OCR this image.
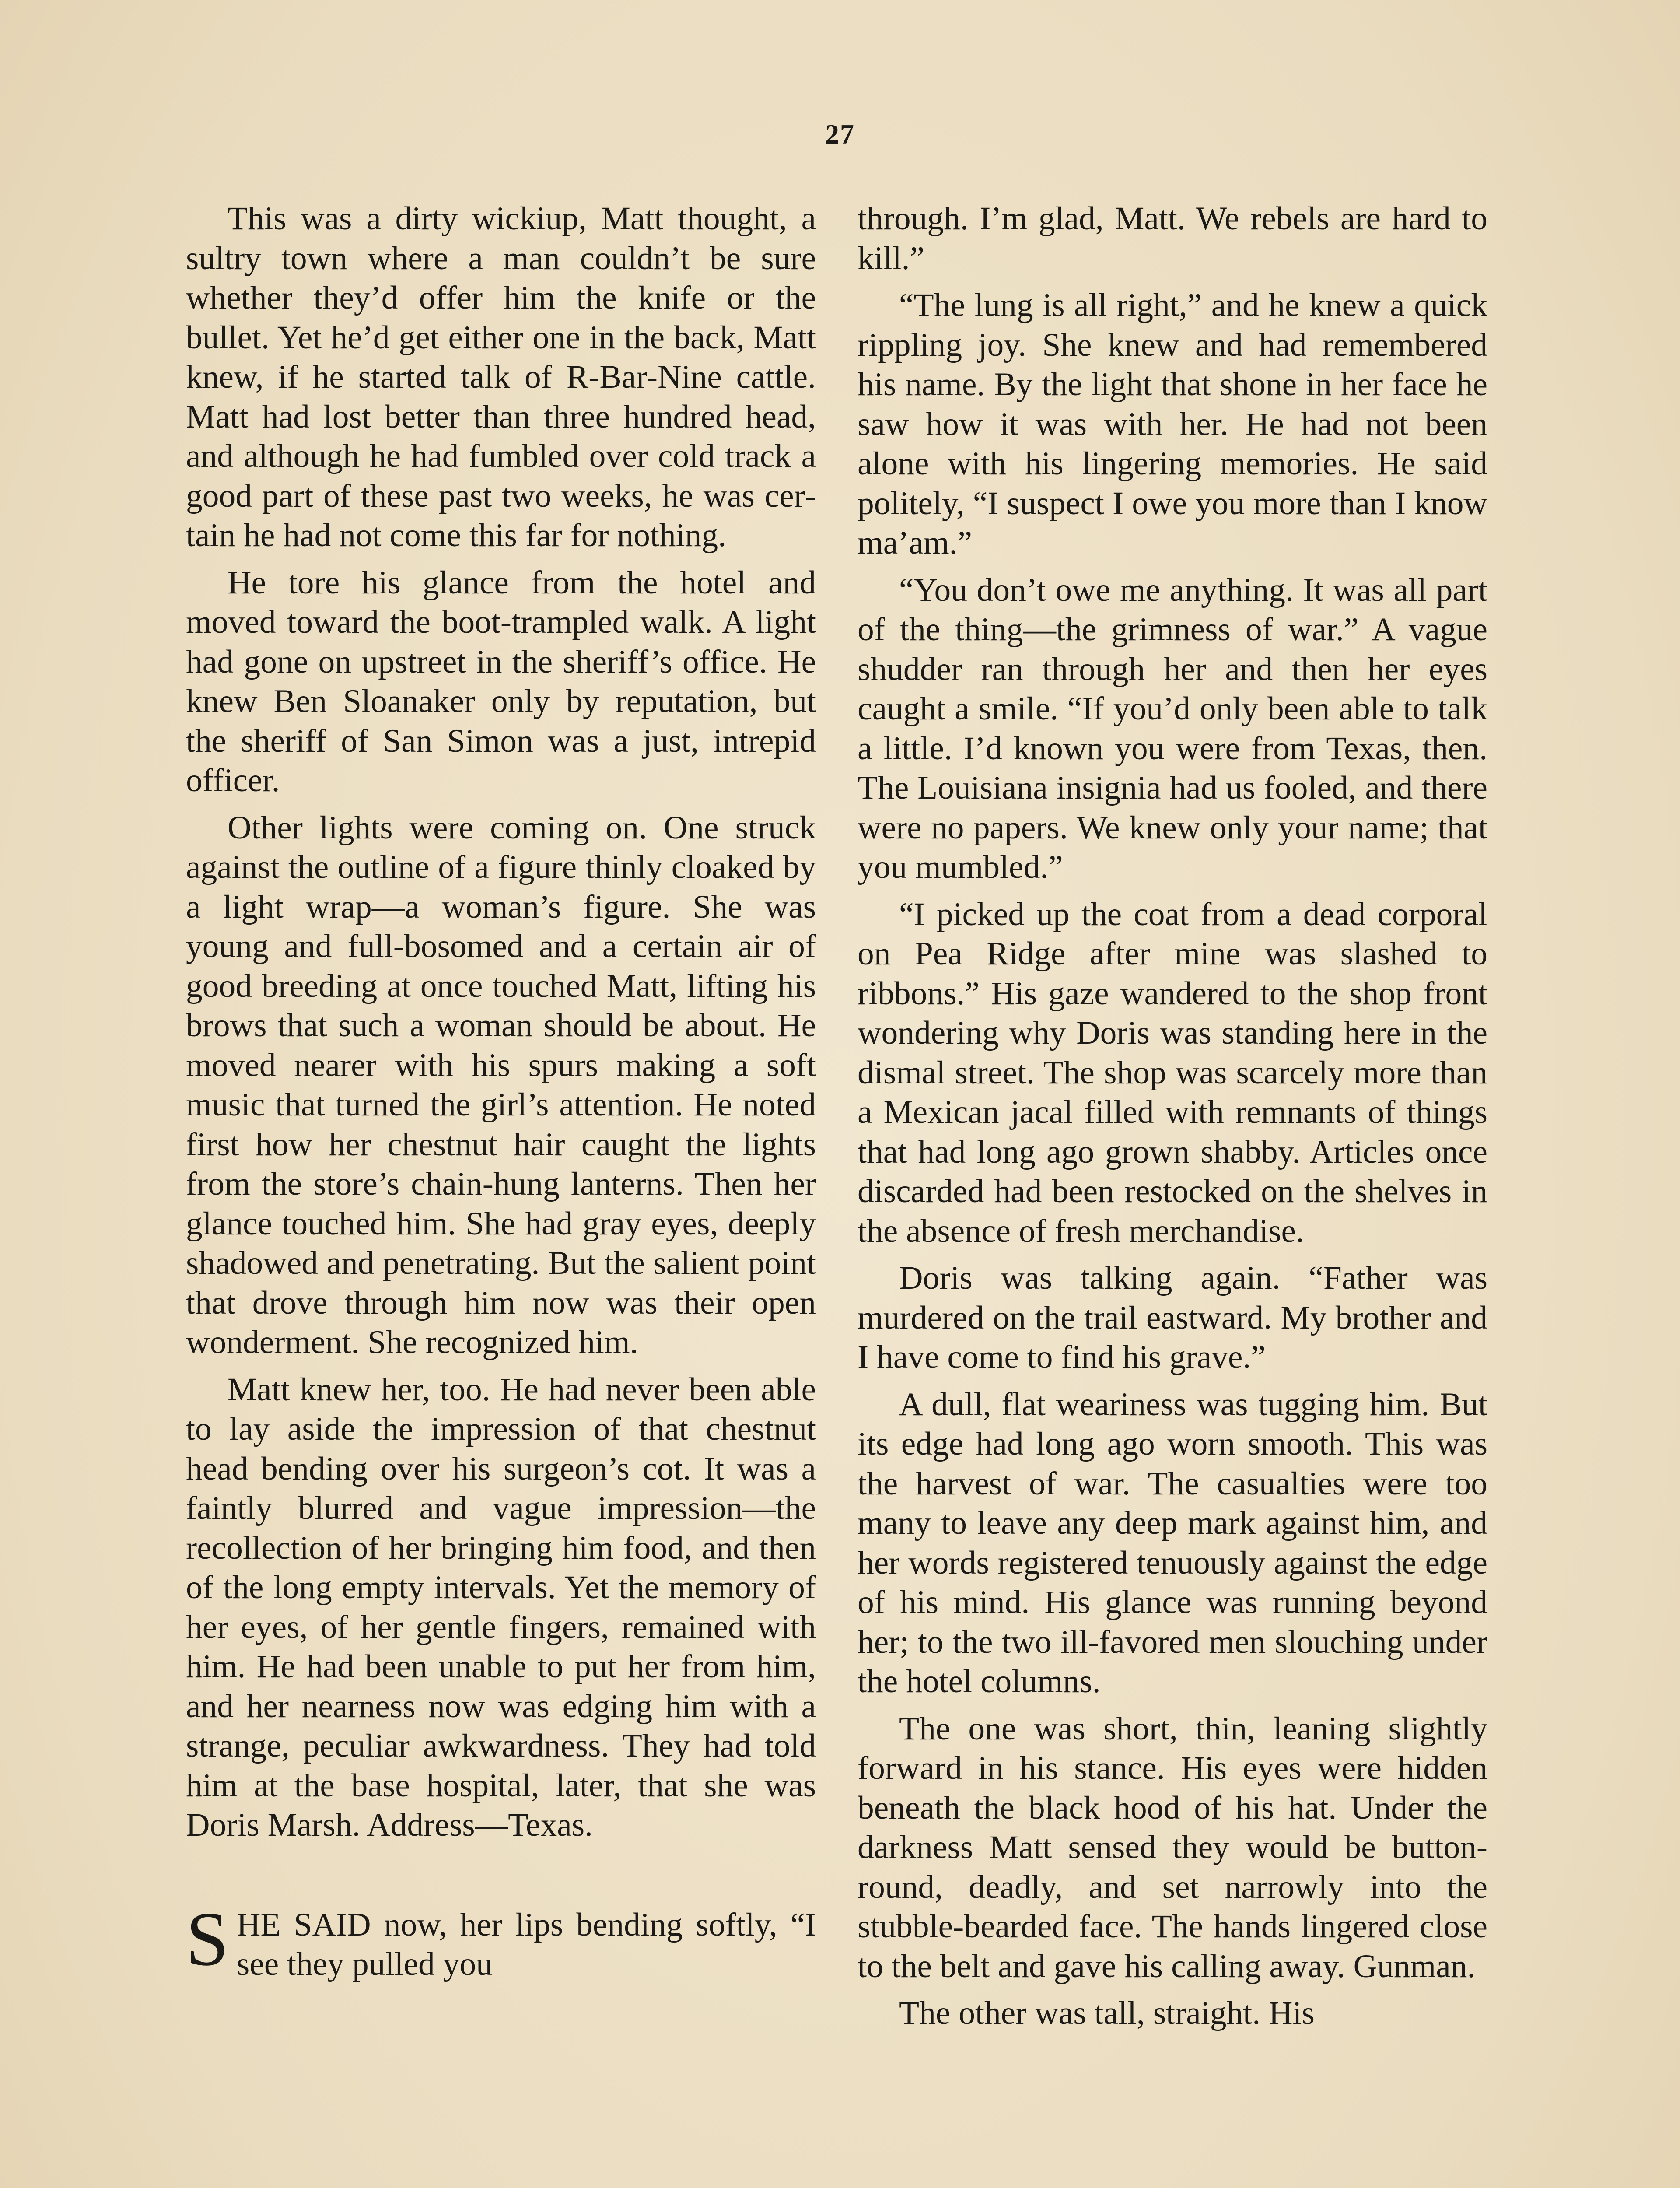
27

This was a dirty wickiup, Matt thought, a sultry town where a man couldn’t be sure whether they’d offer him the knife or the bullet. Yet he’d get either one in the back, Matt knew, if he started talk of R-Bar-Nine cattle. Matt had lost better than three hundred head, and although he had fumbled over cold track a good part of these past two weeks, he was certain he had not come this far for nothing.

He tore his glance from the hotel and moved toward the boot-trampled walk. A light had gone on upstreet in the sheriff’s office. He knew Ben Sloanaker only by reputation, but the sheriff of San Simon was a just, intrepid officer.

Other lights were coming on. One struck against the outline of a figure thinly cloaked by a light wrap—a woman’s figure. She was young and full-bosomed and a certain air of good breeding at once touched Matt, lifting his brows that such a woman should be about. He moved nearer with his spurs making a soft music that turned the girl’s attention. He noted first how her chestnut hair caught the lights from the store’s chain-hung lanterns. Then her glance touched him. She had gray eyes, deeply shadowed and penetrating. But the salient point that drove through him now was their open wonderment. She recognized him.

Matt knew her, too. He had never been able to lay aside the impression of that chestnut head bending over his surgeon’s cot. It was a faintly blurred and vague impression—the recollection of her bringing him food, and then of the long empty intervals. Yet the memory of her eyes, of her gentle fingers, remained with him. He had been unable to put her from him, and her nearness now was edging him with a strange, peculiar awkwardness. They had told him at the base hospital, later, that she was Doris Marsh. Address—Texas.

SHE SAID now, her lips bending softly, “I see they pulled you

through. I’m glad, Matt. We rebels are hard to kill.”

“The lung is all right,” and he knew a quick rippling joy. She knew and had remembered his name. By the light that shone in her face he saw how it was with her. He had not been alone with his lingering memories. He said politely, “I suspect I owe you more than I know ma’am.”

“You don’t owe me anything. It was all part of the thing—the grimness of war.” A vague shudder ran through her and then her eyes caught a smile. “If you’d only been able to talk a little. I’d known you were from Texas, then. The Louisiana insignia had us fooled, and there were no papers. We knew only your name; that you mumbled.”

“I picked up the coat from a dead corporal on Pea Ridge after mine was slashed to ribbons.” His gaze wandered to the shop front wondering why Doris was standing here in the dismal street. The shop was scarcely more than a Mexican jacal filled with remnants of things that had long ago grown shabby. Articles once discarded had been restocked on the shelves in the absence of fresh merchandise.

Doris was talking again. “Father was murdered on the trail eastward. My brother and I have come to find his grave.”

A dull, flat weariness was tugging him. But its edge had long ago worn smooth. This was the harvest of war. The casualties were too many to leave any deep mark against him, and her words registered tenuously against the edge of his mind. His glance was running beyond her; to the two ill-favored men slouching under the hotel columns.

The one was short, thin, leaning slightly forward in his stance. His eyes were hidden beneath the black hood of his hat. Under the darkness Matt sensed they would be button-round, deadly, and set narrowly into the stubble-bearded face. The hands lingered close to the belt and gave his calling away. Gunman.

The other was tall, straight. His
